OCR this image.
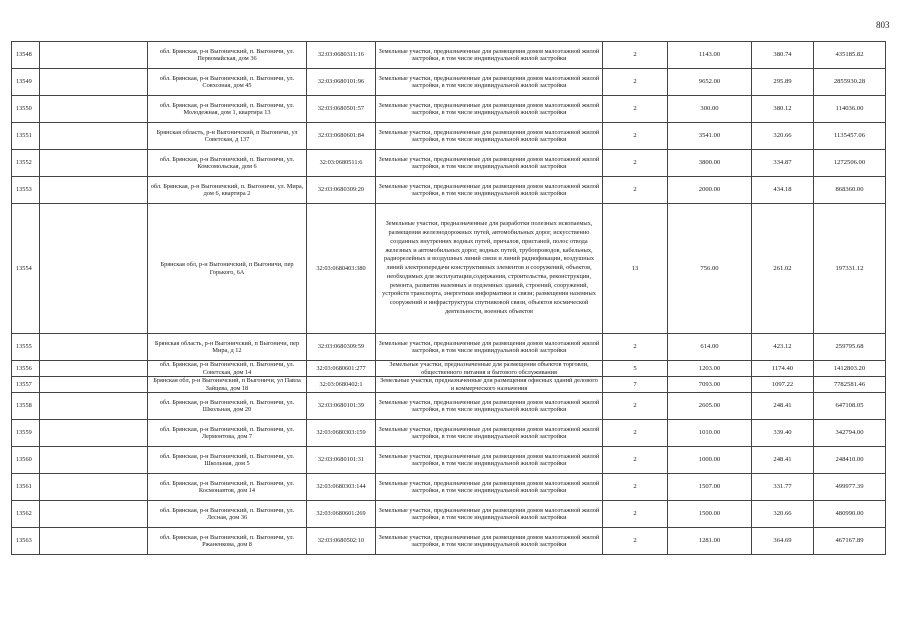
803
13548		обл. Брянская, р-н Выгоничский, п. Выгоничи, ул. Первомайская, дом 36	32:03:0680311:16	Земельные участки, предназначенные для размещения домов малоэтажной жилой застройки, в том числе индивидуальной жилой застройки	2	1143.00	380.74	435185.82
13549		обл. Брянская, р-н Выгоничский, п. Выгоничи, ул. Совхозная, дом 45	32:03:0680101:96	Земельные участки, предназначенные для размещения домов малоэтажной жилой застройки, в том числе индивидуальной жилой застройки	2	9652.00	295.89	2855930.28
13550		обл. Брянская, р-н Выгоничский, п. Выгоничи, ул. Молодежная, дом 1, квартира 13	32:03:0680501:57	Земельные участки, предназначенные для размещения домов малоэтажной жилой застройки, в том числе индивидуальной жилой застройки	2	300.00	380.12	114036.00
13551		Брянская область, р-н Выгоничский, п Выгоничи, ул Советская, д 137	32:03:0680601:84	Земельные участки, предназначенные для размещения домов малоэтажной жилой застройки, в том числе индивидуальной жилой застройки	2	3541.00	320.66	1135457.06
13552		обл. Брянская, р-н Выгоничский, п. Выгоничи, ул. Комсомольская, дом 6	32:03:0680511:6	Земельные участки, предназначенные для размещения домов малоэтажной жилой застройки, в том числе индивидуальной жилой застройки	2	3800.00	334.87	1272506.00
13553		обл. Брянская, р-н Выгоничский, п. Выгоничи, ул. Мира, дом 6, квартира 2	32:03:0680309:20	Земельные участки, предназначенные для размещения домов малоэтажной жилой застройки, в том числе индивидуальной жилой застройки	2	2000.00	434.18	868360.00
13554		Брянская обл, р-н Выгоничский, п Выгоничи, пер Горького, 6А	32:03:0680403:380	Земельные участки, предназначенные для разработки полезных ископаемых, размещения железнодорожных путей, автомобильных дорог, искусственно созданных внутренних водных путей, причалов, пристаней, полос отвода железных и автомобильных дорог, водных путей, трубопроводов, кабельных, радиорелейных и воздушных линий связи и линий радиофикации, воздушных линий электропередачи конструктивных элементов и сооружений, объектов, необходимых для эксплуатации,содержания, строительства, реконструкции, ремонта, развития наземных и подземных зданий, строений, сооружений, устройств транспорта, энергетики информатики и связи; размещения наземных сооружений и инфраструктуры спутниковой связи, объектов космической деятельности, военных объектов	13	756.00	261.02	197331.12
13555		Брянская область, р-н Выгоничский, п Выгоничи, пер Мира, д 12	32:03:0680309:59	Земельные участки, предназначенные для размещения домов малоэтажной жилой застройки, в том числе индивидуальной жилой застройки	2	614.00	423.12	259795.68
13556		обл. Брянская, р-н Выгоничский, п. Выгоничи, ул. Советская, дом 14	32:03:0680601:277	Земельные участки, предназначенные для размещения объектов торговли, общественного питания и бытового обслуживания	5	1203.00	1174.40	1412803.20
13557		Брянская обл, р-н Выгоничский, п Выгоничи, ул Павла Зайцева, дом 18	32:03:0680402:1	Земельные участки, предназначенные для размещения офисных зданий делового и коммерческого назначения	7	7093.00	1097.22	7782581.46
13558		обл. Брянская, р-н Выгоничский, п. Выгоничи, ул. Школьная, дом 20	32:03:0680101:39	Земельные участки, предназначенные для размещения домов малоэтажной жилой застройки, в том числе индивидуальной жилой застройки	2	2605.00	248.41	647108.05
13559		обл. Брянская, р-н Выгоничский, п. Выгоничи, ул. Лермонтова, дом 7	32:03:0680303:159	Земельные участки, предназначенные для размещения домов малоэтажной жилой застройки, в том числе индивидуальной жилой застройки	2	1010.00	339.40	342794.00
13560		обл. Брянская, р-н Выгоничский, п. Выгоничи, ул. Школьная, дом 5	32:03:0680101:31	Земельные участки, предназначенные для размещения домов малоэтажной жилой застройки, в том числе индивидуальной жилой застройки	2	1000.00	248.41	248410.00
13561		обл. Брянская, р-н Выгоничский, п. Выгоничи, ул. Космонавтов, дом 14	32:03:0680303:144	Земельные участки, предназначенные для размещения домов малоэтажной жилой застройки, в том числе индивидуальной жилой застройки	2	1507.00	331.77	499977.39
13562		обл. Брянская, р-н Выгоничский, п. Выгоничи, ул. Лесная, дом 36	32:03:0680601:269	Земельные участки, предназначенные для размещения домов малоэтажной жилой застройки, в том числе индивидуальной жилой застройки	2	1500.00	320.66	480990.00
13563		обл. Брянская, р-н Выгоничский, п. Выгоничи, ул. Ржаненкова, дом 8	32:03:0680502:10	Земельные участки, предназначенные для размещения домов малоэтажной жилой застройки, в том числе индивидуальной жилой застройки	2	1281.00	364.69	467167.89
